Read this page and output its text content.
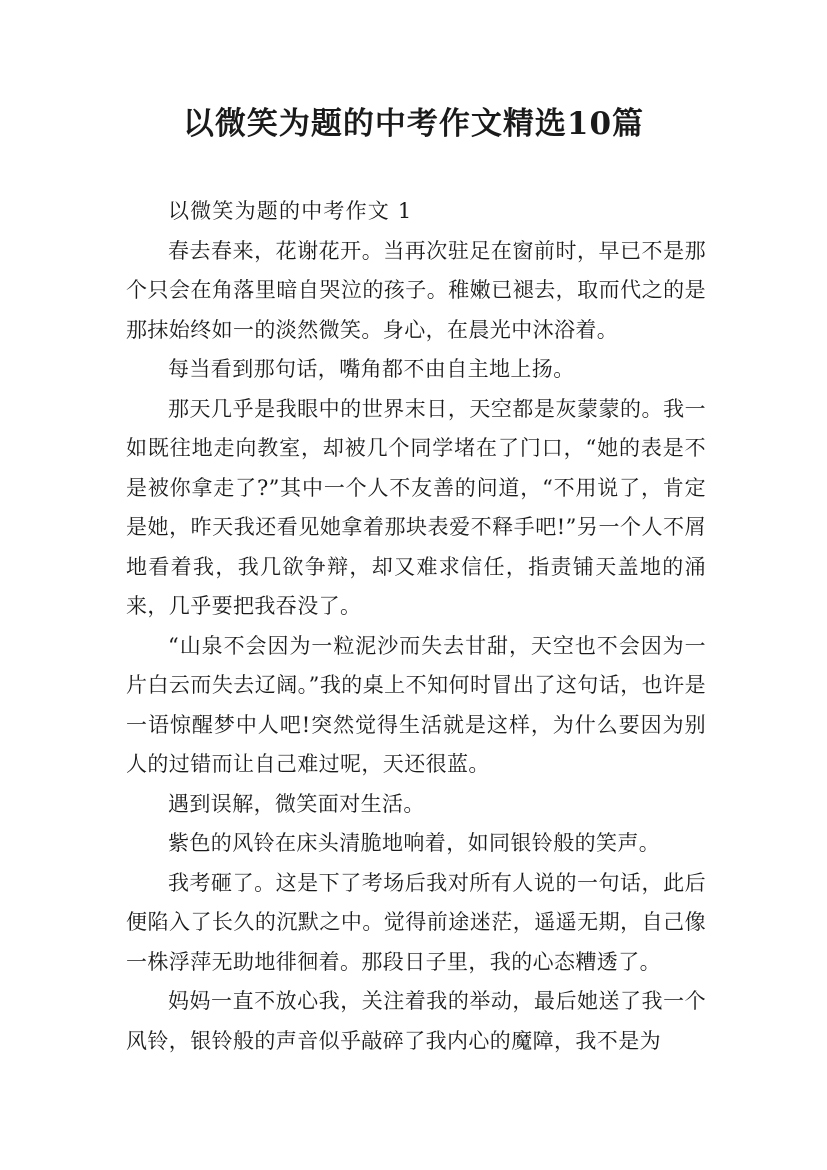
以微笑为题的中考作文精选10篇

以微笑为题的中考作文 1

春去春来，花谢花开。当再次驻足在窗前时，早已不是那个只会在角落里暗自哭泣的孩子。稚嫩已褪去，取而代之的是那抹始终如一的淡然微笑。身心，在晨光中沐浴着。

每当看到那句话，嘴角都不由自主地上扬。

那天几乎是我眼中的世界末日，天空都是灰蒙蒙的。我一如既往地走向教室，却被几个同学堵在了门口，“她的表是不是被你拿走了?”其中一个人不友善的问道，“不用说了，肯定是她，昨天我还看见她拿着那块表爱不释手吧!”另一个人不屑地看着我，我几欲争辩，却又难求信任，指责铺天盖地的涌来，几乎要把我吞没了。

“山泉不会因为一粒泥沙而失去甘甜，天空也不会因为一片白云而失去辽阔。”我的桌上不知何时冒出了这句话，也许是一语惊醒梦中人吧!突然觉得生活就是这样，为什么要因为别人的过错而让自己难过呢，天还很蓝。

遇到误解，微笑面对生活。

紫色的风铃在床头清脆地响着，如同银铃般的笑声。

我考砸了。这是下了考场后我对所有人说的一句话，此后便陷入了长久的沉默之中。觉得前途迷茫，遥遥无期，自己像一株浮萍无助地徘徊着。那段日子里，我的心态糟透了。

妈妈一直不放心我，关注着我的举动，最后她送了我一个风铃，银铃般的声音似乎敲碎了我内心的魔障，我不是为
